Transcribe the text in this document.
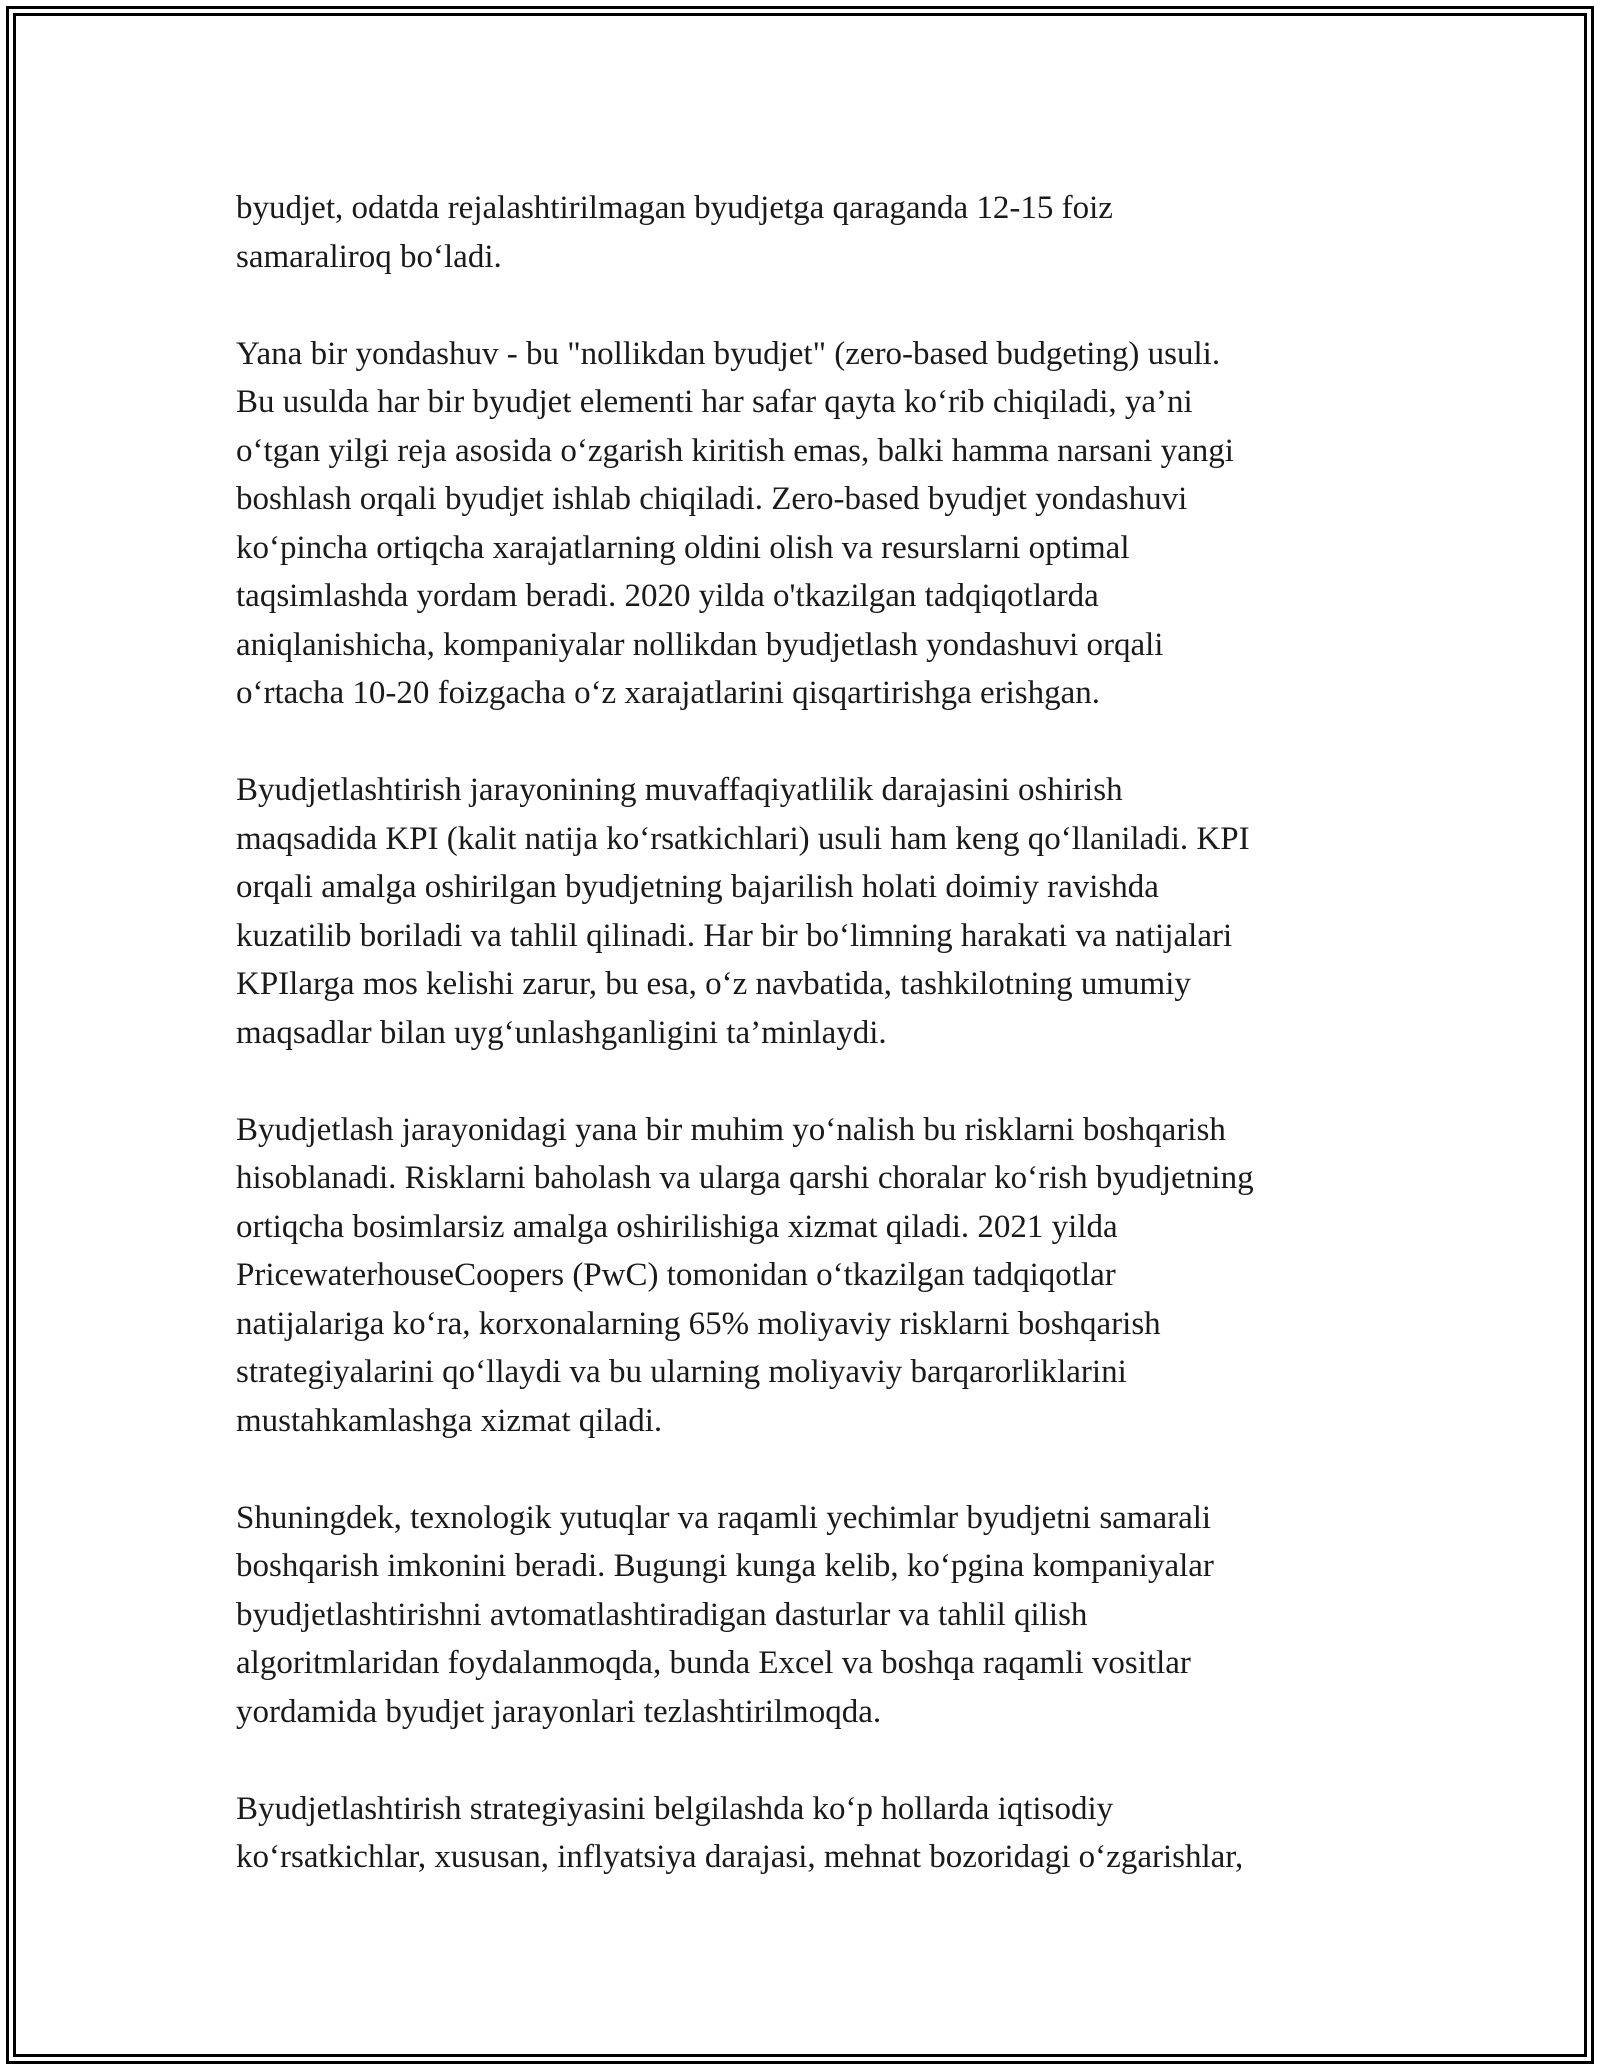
byudjet, odatda rejalashtirilmagan byudjetga qaraganda 12-15 foiz
samaraliroq bo‘ladi.

Yana bir yondashuv - bu "nollikdan byudjet" (zero-based budgeting) usuli.
Bu usulda har bir byudjet elementi har safar qayta ko‘rib chiqiladi, ya’ni
o‘tgan yilgi reja asosida o‘zgarish kiritish emas, balki hamma narsani yangi
boshlash orqali byudjet ishlab chiqiladi. Zero-based byudjet yondashuvi
ko‘pincha ortiqcha xarajatlarning oldini olish va resurslarni optimal
taqsimlashda yordam beradi. 2020 yilda o'tkazilgan tadqiqotlarda
aniqlanishicha, kompaniyalar nollikdan byudjetlash yondashuvi orqali
o‘rtacha 10-20 foizgacha o‘z xarajatlarini qisqartirishga erishgan.

Byudjetlashtirish jarayonining muvaffaqiyatlilik darajasini oshirish
maqsadida KPI (kalit natija ko‘rsatkichlari) usuli ham keng qo‘llaniladi. KPI
orqali amalga oshirilgan byudjetning bajarilish holati doimiy ravishda
kuzatilib boriladi va tahlil qilinadi. Har bir bo‘limning harakati va natijalari
KPIlarga mos kelishi zarur, bu esa, o‘z navbatida, tashkilotning umumiy
maqsadlar bilan uyg‘unlashganligini ta’minlaydi.

Byudjetlash jarayonidagi yana bir muhim yo‘nalish bu risklarni boshqarish
hisoblanadi. Risklarni baholash va ularga qarshi choralar ko‘rish byudjetning
ortiqcha bosimlarsiz amalga oshirilishiga xizmat qiladi. 2021 yilda
PricewaterhouseCoopers (PwC) tomonidan o‘tkazilgan tadqiqotlar
natijalariga ko‘ra, korxonalarning 65% moliyaviy risklarni boshqarish
strategiyalarini qo‘llaydi va bu ularning moliyaviy barqarorliklarini
mustahkamlashga xizmat qiladi.

Shuningdek, texnologik yutuqlar va raqamli yechimlar byudjetni samarali
boshqarish imkonini beradi. Bugungi kunga kelib, ko‘pgina kompaniyalar
byudjetlashtirishni avtomatlashtiradigan dasturlar va tahlil qilish
algoritmlaridan foydalanmoqda, bunda Excel va boshqa raqamli vositlar
yordamida byudjet jarayonlari tezlashtirilmoqda.

Byudjetlashtirish strategiyasini belgilashda ko‘p hollarda iqtisodiy
ko‘rsatkichlar, xususan, inflyatsiya darajasi, mehnat bozoridagi o‘zgarishlar,
